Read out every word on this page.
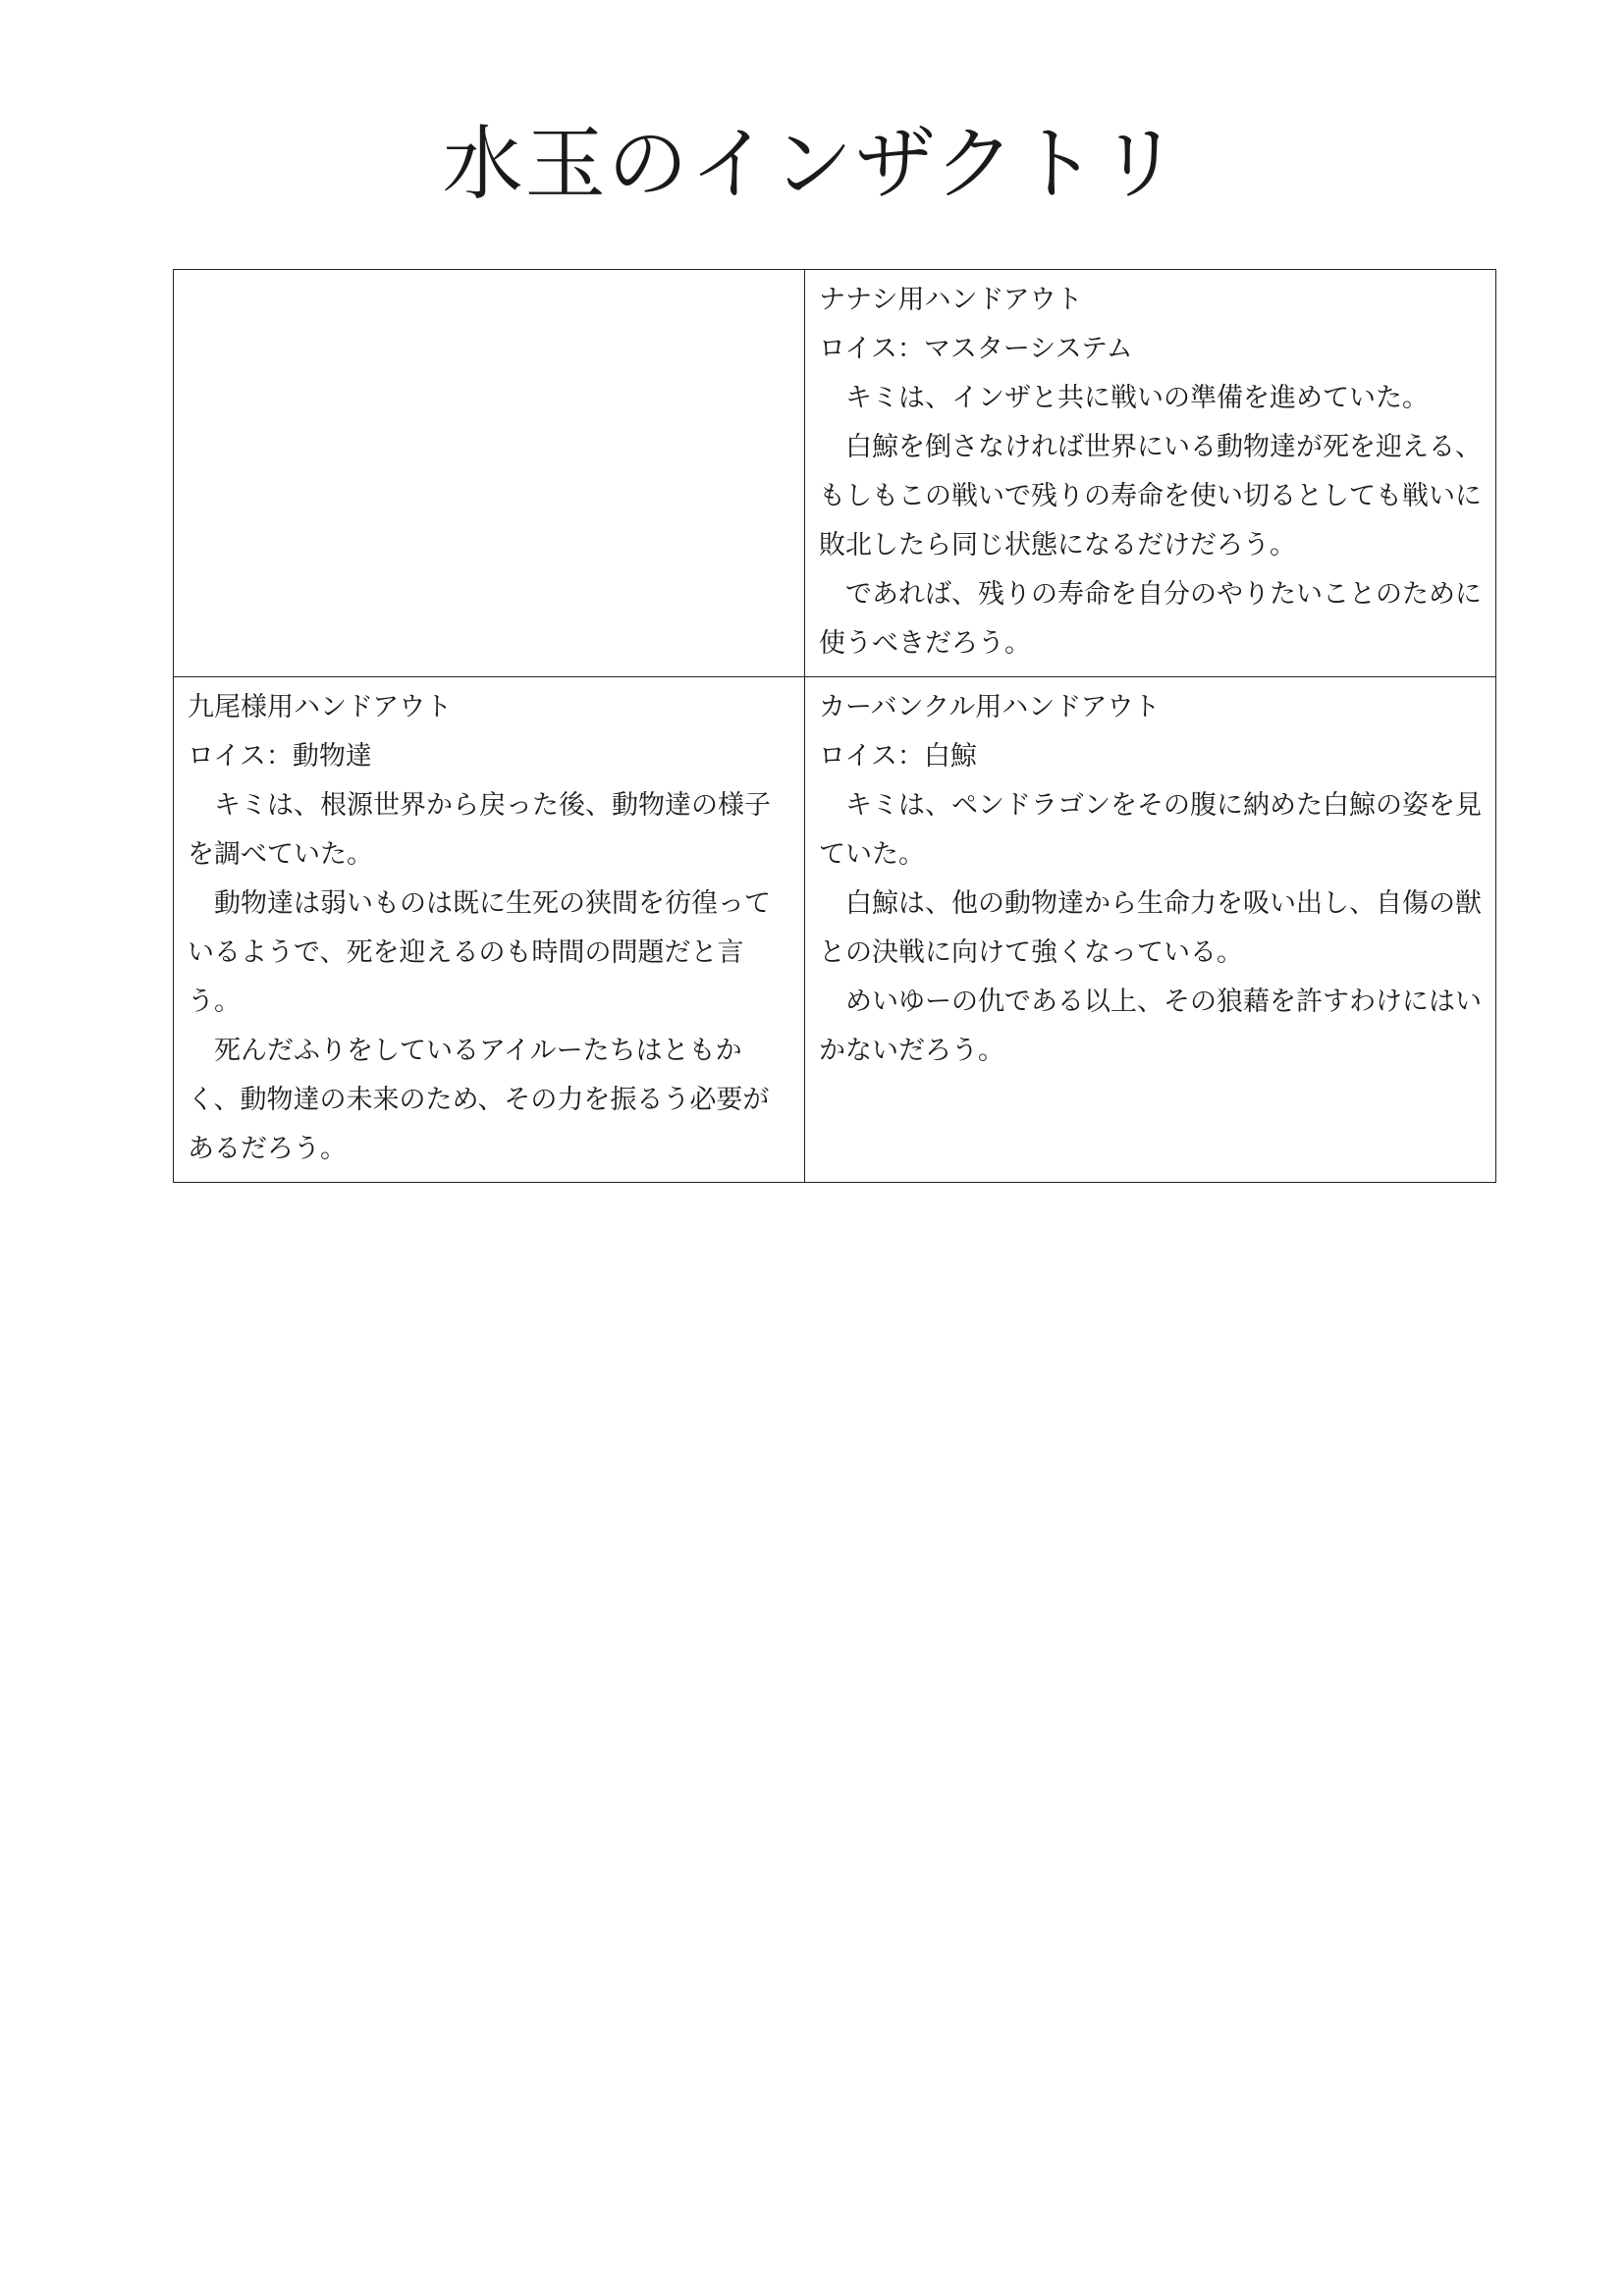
水玉のインザクトリ

	ナナシ用ハンドアウト
ロイス：マスターシステム
キミは、インザと共に戦いの準備を進めていた。
白鯨を倒さなければ世界にいる動物達が死を迎える、もしもこの戦いで残りの寿命を使い切るとしても戦いに敗北したら同じ状態になるだけだろう。
であれば、残りの寿命を自分のやりたいことのために使うべきだろう。

九尾様用ハンドアウト
ロイス：動物達
キミは、根源世界から戻った後、動物達の様子を調べていた。
動物達は弱いものは既に生死の狭間を彷徨っているようで、死を迎えるのも時間の問題だと言う。
死んだふりをしているアイルーたちはともかく、動物達の未来のため、その力を振るう必要があるだろう。	カーバンクル用ハンドアウト
ロイス：白鯨
キミは、ペンドラゴンをその腹に納めた白鯨の姿を見ていた。
白鯨は、他の動物達から生命力を吸い出し、自傷の獣との決戦に向けて強くなっている。
めいゆーの仇である以上、その狼藉を許すわけにはいかないだろう。
